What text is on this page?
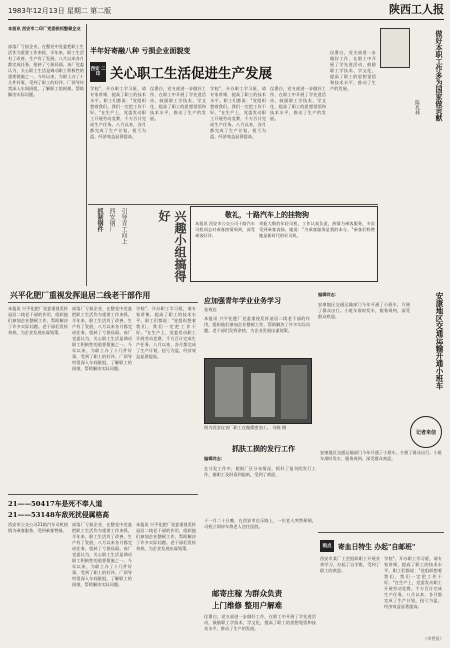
1983年12月13日 星期二 第二版	陕西工人报
半年好寄融八种 亏损企业面貌变
西安 二印 关心职工生活促进生产发展
本报讯 西安市二印厂党委狠抓整顿企业
部落厂亏损企业，在整党中党委把职工生活作为重要工作来抓，半年来，职工生活有了改善，生产有了发展，八月以来各月都完成任务，扭转了亏损局面。该厂党委认为，关心职工生活是调动职工积极性的重要措施之一。今年以来，为职工办了十几件好事，受到了职工的好评。厂领导经常深入车间班组，了解职工的困难，帮助解决实际问题。	做好本职工作多为国家做贡献
陈兆林
学校"，开办职工学习班，请专家讲课，提高了职工的技术水平。职工们都说："党组织想着我们，我们一定把工作干好。"在生产上，党委发动职工开展劳动竞赛，千方百计完成生产任务。八月以来，各月都完成了生产计划，扭亏为盈，经济效益显著提高。
仪番白，党支部进一步做好工作，在职工中开展了学先进活动，鼓励职工学技术、学文化，提高了职工的思想觉悟和技术水平，推动了生产的发展。
学校"，开办职工学习班，请专家讲课，提高了职工的技术水平。职工们都说："党组织想着我们，我们一定把工作干好。"在生产上，党委发动职工开展劳动竞赛，千方百计完成生产任务。八月以来，各月都完成了生产计划，扭亏为盈，经济效益显著提高。
仪番白，党支部进一步做好工作，在职工中开展了学先进活动，鼓励职工学技术、学文化，提高了职工的思想觉悟和技术水平，推动了生产的发展。
仪番白，党支部进一步做好工作，在职工中开展了学先进活动，鼓励职工学技术、学文化，提高了职工的思想觉悟和技术水平，推动了生产的发展。
抓制钢件 西安钢厂 引导青工向上	兴趣小组搞得好	敬礼，十路汽车上的挂物狗
本报讯 西安市公交公司十路汽车司机同志对乘客热情周到，深受乘客好评。
刘振大敬的年轻司机，工作认真负责，热情为乘客服务，多次受到乘客表扬。她说："为乘客服务是我的本分。"乘客们称赞她是新时代的好司机。
兴平化肥厂重视发挥退居二线老干部作用
本报讯 兴平化肥厂党委重视发挥退居二线老干部的作用，组织他们参加企业整顿工作，帮助解决了许多实际问题。老干部们发挥余热，为企业发展出谋划策。
部落厂亏损企业，在整党中党委把职工生活作为重要工作来抓，半年来，职工生活有了改善，生产有了发展，八月以来各月都完成任务，扭转了亏损局面。该厂党委认为，关心职工生活是调动职工积极性的重要措施之一。今年以来，为职工办了十几件好事，受到了职工的好评。厂领导经常深入车间班组，了解职工的困难，帮助解决实际问题。
学校"，开办职工学习班，请专家讲课，提高了职工的技术水平。职工们都说："党组织想着我们，我们一定把工作干好。"在生产上，党委发动职工开展劳动竞赛，千方百计完成生产任务。八月以来，各月都完成了生产计划，扭亏为盈，经济效益显著提高。
应加强青年学业业务学习
张效达
本报讯 兴平化肥厂党委重视发挥退居二线老干部的作用，组织他们参加企业整顿工作，帮助解决了许多实际问题。老干部们发挥余热，为企业发展出谋划策。
图为西安仪表厂职工在做精密加工。 刘春 摄
安康地区交通运输开通小班车
编辑同志：
安康地区交通运输部门今年开通了小班车，方便了群众出行。小班车准时发车，服务周到，深受群众欢迎。
记者来信
抓肤工损的发行工作
编辑同志：
在分发工作中，根据厂区分布情况，抓好了报刊的发行工作，使职工及时看到报纸，受到了欢迎。
安康地区交通运输部门今年开通了小班车，方便了群众出行。小班车准时发车，服务周到，深受群众欢迎。
21——50417车是死不奉人道
21——53148车敌死扰侵属格高
西安市公交公司21路汽车司机热情为乘客服务，受到乘客赞扬。
部落厂亏损企业，在整党中党委把职工生活作为重要工作来抓，半年来，职工生活有了改善，生产有了发展，八月以来各月都完成任务，扭转了亏损局面。该厂党委认为，关心职工生活是调动职工积极性的重要措施之一。今年以来，为职工办了十几件好事，受到了职工的好评。厂领导经常深入车间班组，了解职工的困难，帮助解决实际问题。
本报讯 兴平化肥厂党委重视发挥退居二线老干部的作用，组织他们参加企业整顿工作，帮助解决了许多实际问题。老干部们发挥余热，为企业发展出谋划策。
十一月二十日晚，在西安市长乐路上，一位老人突然晕倒，司机立即停车将老人送往医院。
邮寄庄稼 为群众负责
上门维修 整用户解难
仪番白，党支部进一步做好工作，在职工中开展了学先进活动，鼓励职工学技术、学文化，提高了职工的思想觉悟和技术水平，推动了生产的发展。
雨点 寄血日特生 办起"自邮班"
西安市某厂工会组织职工开展业余学习，办起了自学班，受到了职工的欢迎。
学校"，开办职工学习班，请专家讲课，提高了职工的技术水平。职工们都说："党组织想着我们，我们一定把工作干好。"在生产上，党委发动职工开展劳动竞赛，千方百计完成生产任务。八月以来，各月都完成了生产计划，扭亏为盈，经济效益显著提高。
（辛世民）
